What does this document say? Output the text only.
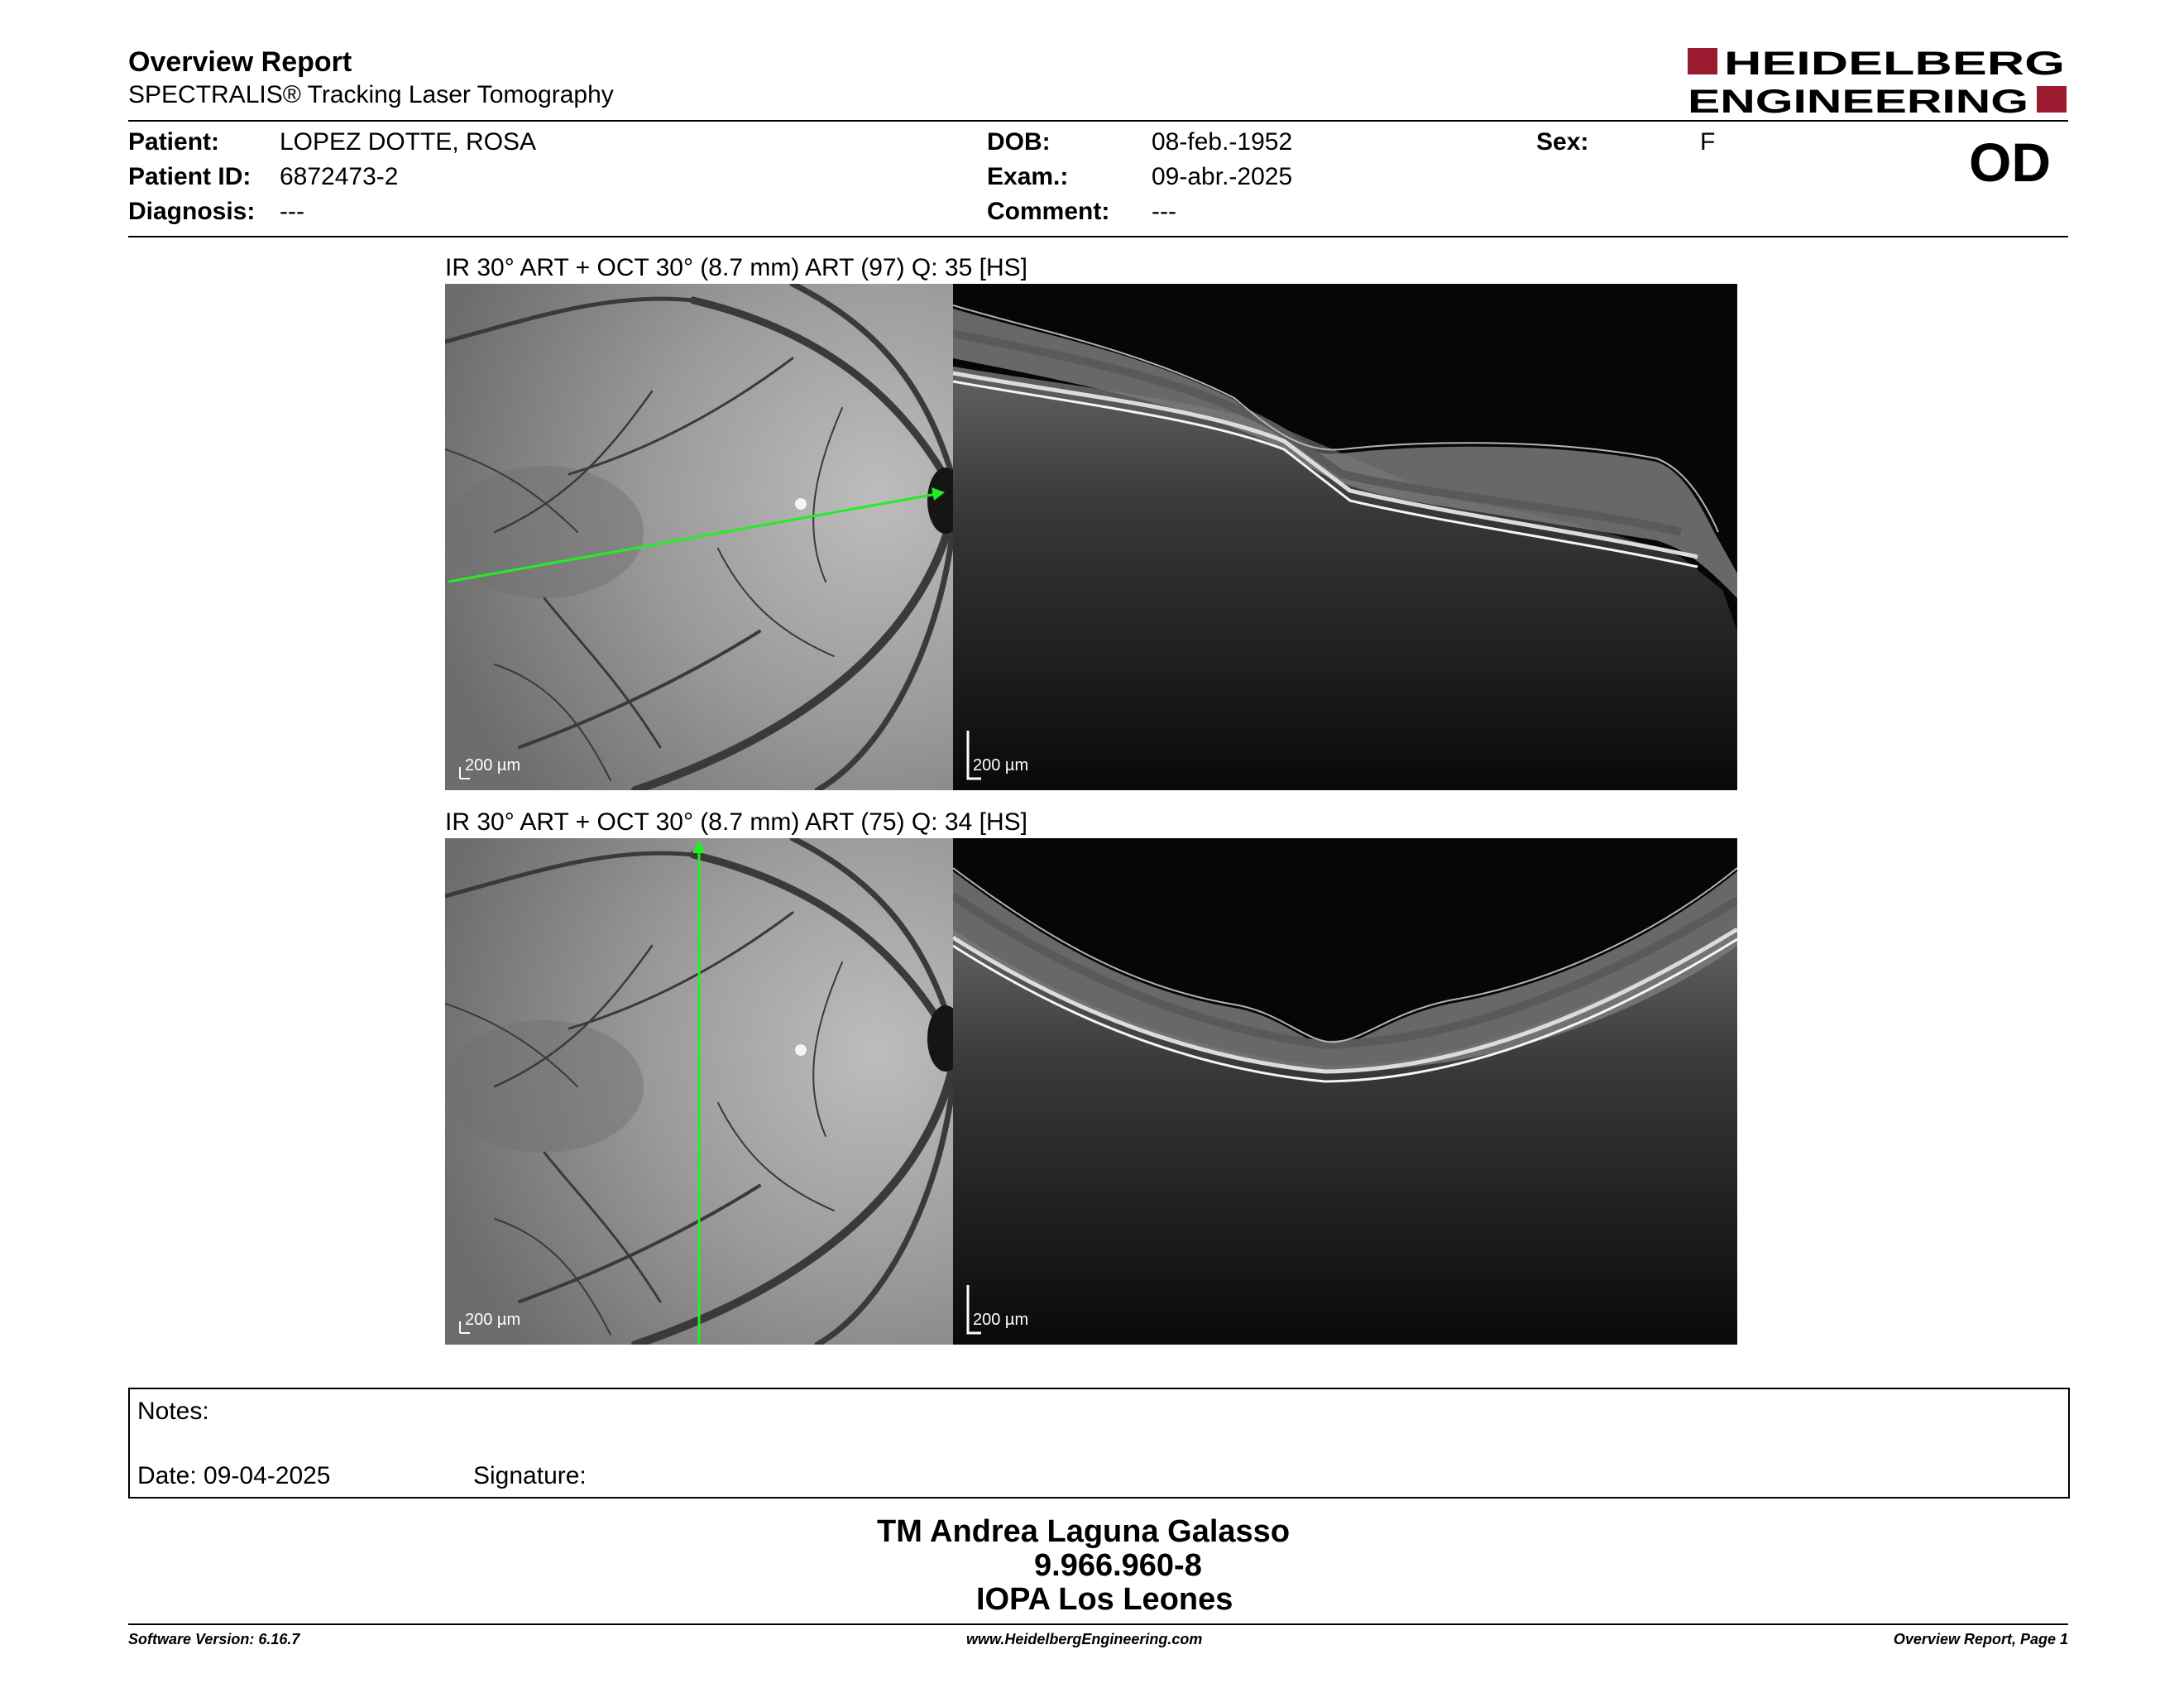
Overview Report
SPECTRALIS® Tracking Laser Tomography
HEIDELBERG
ENGINEERING
Patient: LOPEZ DOTTE, ROSA
Patient ID: 6872473-2
Diagnosis: ---
DOB:	08-feb.-1952
Exam.:	09-abr.-2025
Comment: ---
Sex:	F	OD
IR 30° ART + OCT 30° (8.7 mm) ART (97) Q: 35 [HS]
200 µm	200 µm
IR 30° ART + OCT 30° (8.7 mm) ART (75) Q: 34 [HS]
200 µm	200 µm
Notes:
Date: 09-04-2025	Signature:
TM Andrea Laguna Galasso
9.966.960-8
IOPA Los Leones
Software Version: 6.16.7	www.HeidelbergEngineering.com	Overview Report, Page 1
